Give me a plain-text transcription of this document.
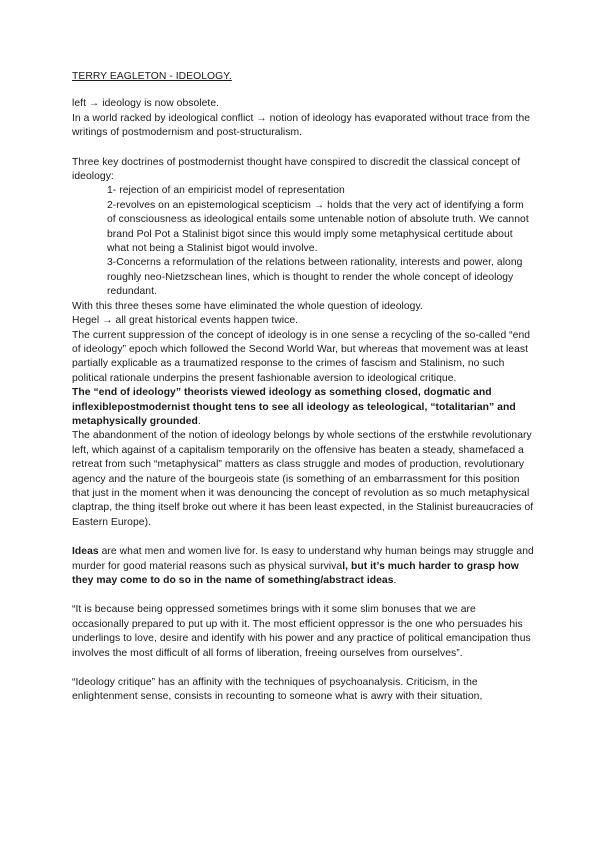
TERRY EAGLETON - IDEOLOGY.

left → ideology is now obsolete.

In a world racked by ideological conflict → notion of ideology has evaporated without trace from the writings of postmodernism and post-structuralism.

Three key doctrines of postmodernist thought have conspired to discredit the classical concept of ideology:

1- rejection of an empiricist model of representation

2-revolves on an epistemological scepticism → holds that the very act of identifying a form of consciousness as ideological entails some untenable notion of absolute truth. We cannot brand Pol Pot a Stalinist bigot since this would imply some metaphysical certitude about what not being a Stalinist bigot would involve.

3-Concerns a reformulation of the relations between rationality, interests and power, along roughly neo-Nietzschean lines, which is thought to render the whole concept of ideology redundant.

With this three theses some have eliminated the whole question of ideology.

Hegel → all great historical events happen twice.

The current suppression of the concept of ideology is in one sense a recycling of the so-called “end of ideology” epoch which followed the Second World War, but whereas that movement was at least partially explicable as a traumatized response to the crimes of fascism and Stalinism, no such political rationale underpins the present fashionable aversion to ideological critique.

The “end of ideology” theorists viewed ideology as something closed, dogmatic and inflexiblepostmodernist thought tens to see all ideology as teleological, “totalitarian” and metaphysically grounded.

The abandonment of the notion of ideology belongs by whole sections of the erstwhile revolutionary left, which against of a capitalism temporarily on the offensive has beaten a steady, shamefaced a retreat from such “metaphysical” matters as class struggle and modes of production, revolutionary agency and the nature of the bourgeois state (is something of an embarrassment for this position that just in the moment when it was denouncing the concept of revolution as so much metaphysical claptrap, the thing itself broke out where it has been least expected, in the Stalinist bureaucracies of Eastern Europe).

Ideas are what men and women live for. Is easy to understand why human beings may struggle and murder for good material reasons such as physical survival, but it’s much harder to grasp how they may come to do so in the name of something/abstract ideas.

“It is because being oppressed sometimes brings with it some slim bonuses that we are occasionally prepared to put up with it. The most efficient oppressor is the one who persuades his underlings to love, desire and identify with his power and any practice of political emancipation thus involves the most difficult of all forms of liberation, freeing ourselves from ourselves”.

“Ideology critique” has an affinity with the techniques of psychoanalysis. Criticism, in the enlightenment sense, consists in recounting to someone what is awry with their situation,
